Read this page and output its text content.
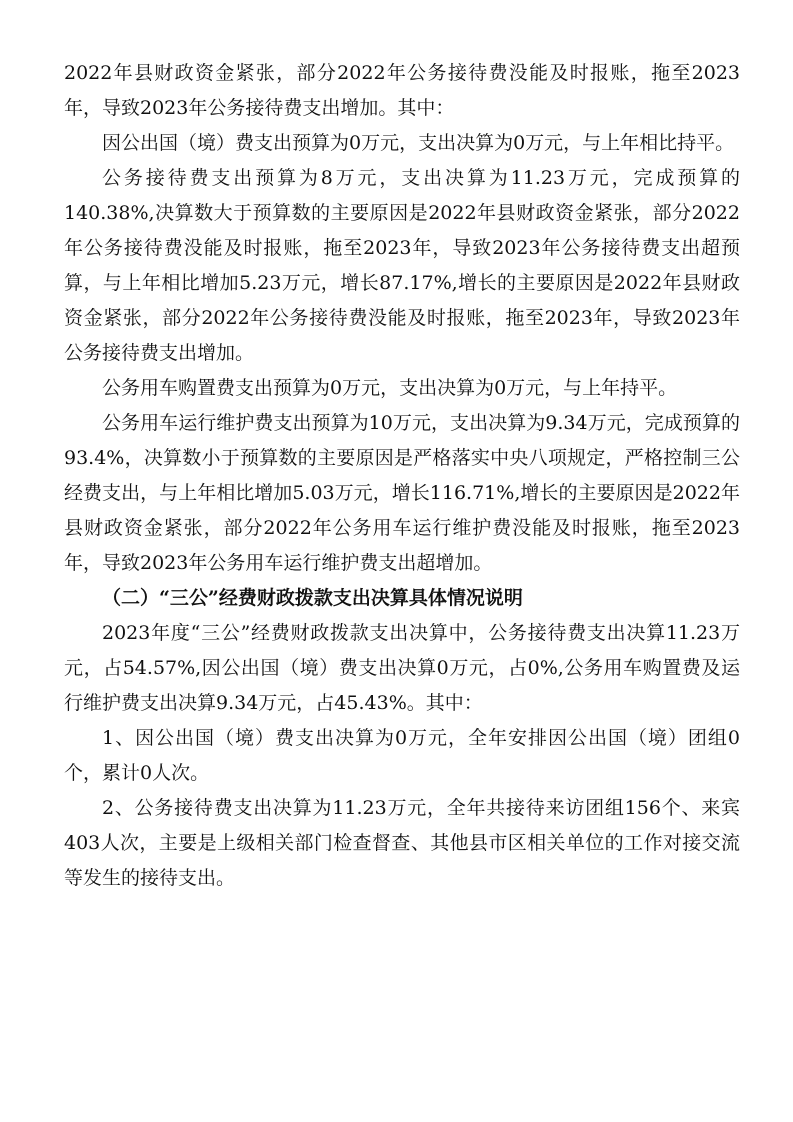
2022年县财政资金紧张，部分2022年公务接待费没能及时报账，拖至2023年，导致2023年公务接待费支出增加。其中：

因公出国（境）费支出预算为0万元，支出决算为0万元，与上年相比持平。

公务接待费支出预算为8万元，支出决算为11.23万元，完成预算的140.38%,决算数大于预算数的主要原因是2022年县财政资金紧张，部分2022年公务接待费没能及时报账，拖至2023年，导致2023年公务接待费支出超预算，与上年相比增加5.23万元，增长87.17%,增长的主要原因是2022年县财政资金紧张，部分2022年公务接待费没能及时报账，拖至2023年，导致2023年公务接待费支出增加。

公务用车购置费支出预算为0万元，支出决算为0万元，与上年持平。

公务用车运行维护费支出预算为10万元，支出决算为9.34万元，完成预算的93.4%，决算数小于预算数的主要原因是严格落实中央八项规定，严格控制三公经费支出，与上年相比增加5.03万元，增长116.71%,增长的主要原因是2022年县财政资金紧张，部分2022年公务用车运行维护费没能及时报账，拖至2023年，导致2023年公务用车运行维护费支出超增加。

（二）“三公”经费财政拨款支出决算具体情况说明

2023年度“三公”经费财政拨款支出决算中，公务接待费支出决算11.23万元，占54.57%,因公出国（境）费支出决算0万元，占0%,公务用车购置费及运行维护费支出决算9.34万元，占45.43%。其中：

1、因公出国（境）费支出决算为0万元，全年安排因公出国（境）团组0个，累计0人次。

2、公务接待费支出决算为11.23万元，全年共接待来访团组156个、来宾403人次，主要是上级相关部门检查督查、其他县市区相关单位的工作对接交流等发生的接待支出。
